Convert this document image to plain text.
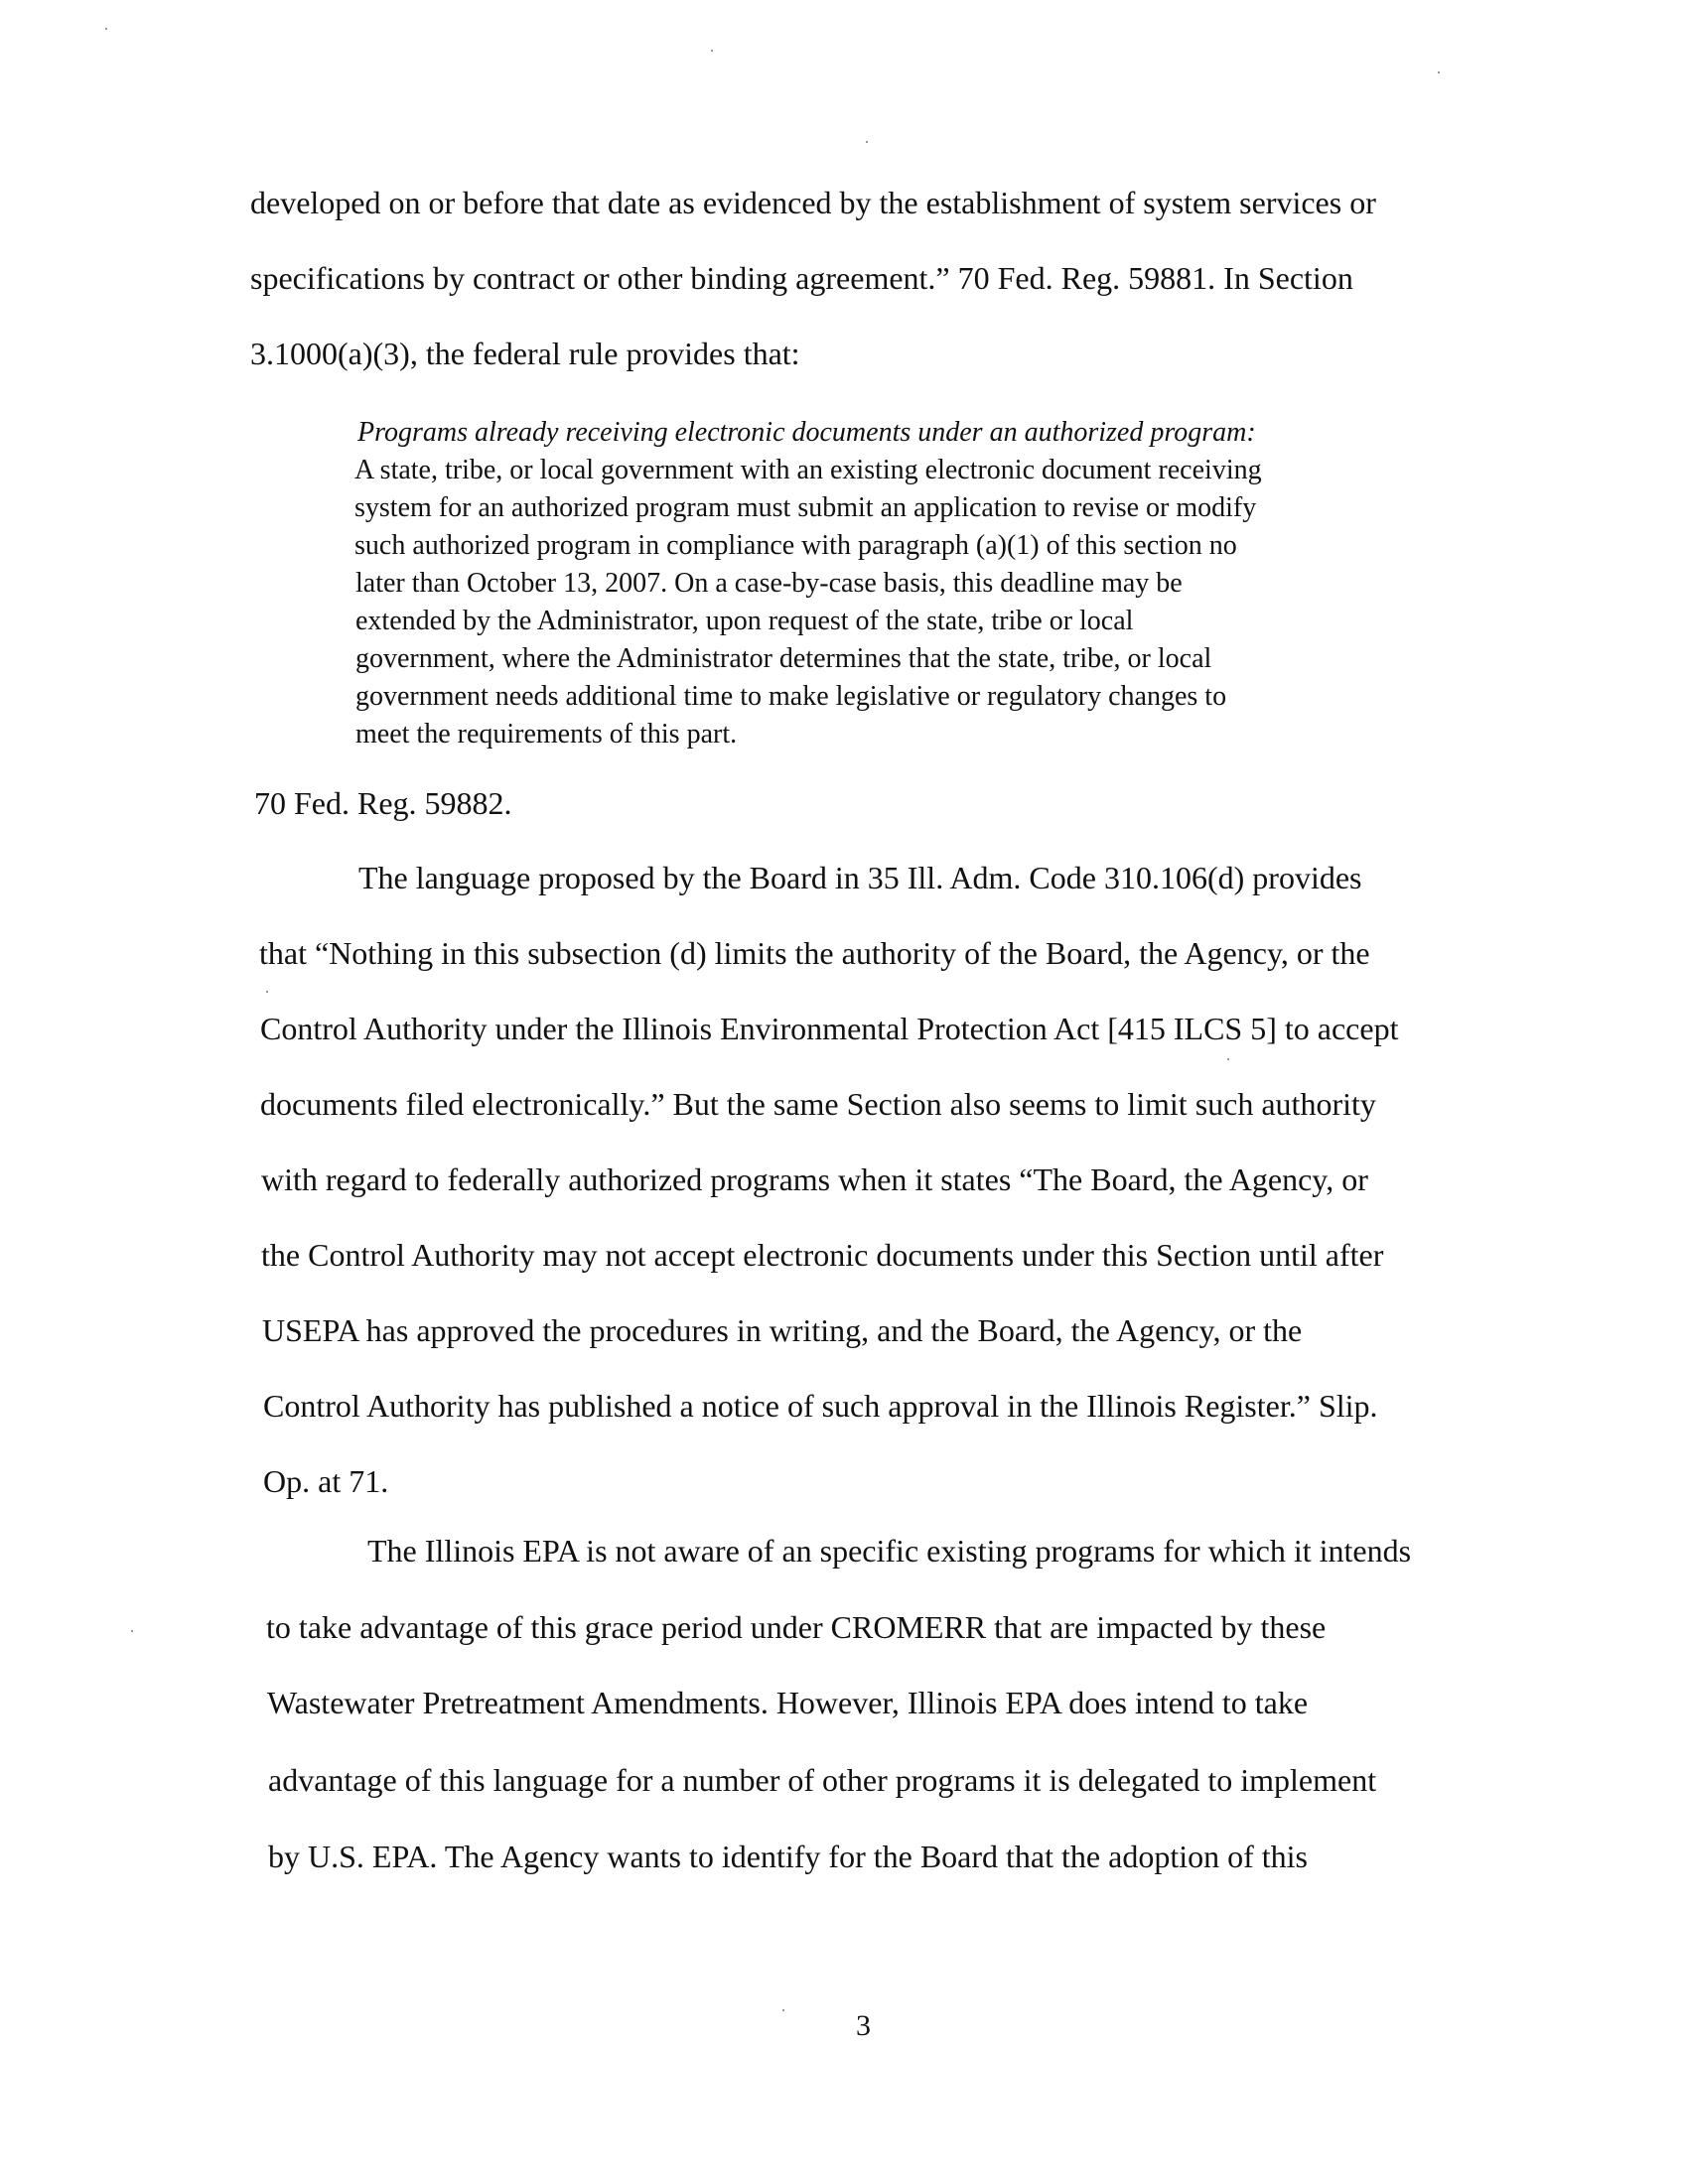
developed on or before that date as evidenced by the establishment of system services or
specifications by contract or other binding agreement.” 70 Fed. Reg. 59881. In Section
3.1000(a)(3), the federal rule provides that:
Programs already receiving electronic documents under an authorized program:
A state, tribe, or local government with an existing electronic document receiving
system for an authorized program must submit an application to revise or modify
such authorized program in compliance with paragraph (a)(1) of this section no
later than October 13, 2007. On a case-by-case basis, this deadline may be
extended by the Administrator, upon request of the state, tribe or local
government, where the Administrator determines that the state, tribe, or local
government needs additional time to make legislative or regulatory changes to
meet the requirements of this part.
70 Fed. Reg. 59882.
The language proposed by the Board in 35 Ill. Adm. Code 310.106(d) provides
that “Nothing in this subsection (d) limits the authority of the Board, the Agency, or the
Control Authority under the Illinois Environmental Protection Act [415 ILCS 5] to accept
documents filed electronically.” But the same Section also seems to limit such authority
with regard to federally authorized programs when it states “The Board, the Agency, or
the Control Authority may not accept electronic documents under this Section until after
USEPA has approved the procedures in writing, and the Board, the Agency, or the
Control Authority has published a notice of such approval in the Illinois Register.” Slip.
Op. at 71.
The Illinois EPA is not aware of an specific existing programs for which it intends
to take advantage of this grace period under CROMERR that are impacted by these
Wastewater Pretreatment Amendments. However, Illinois EPA does intend to take
advantage of this language for a number of other programs it is delegated to implement
by U.S. EPA. The Agency wants to identify for the Board that the adoption of this
3
